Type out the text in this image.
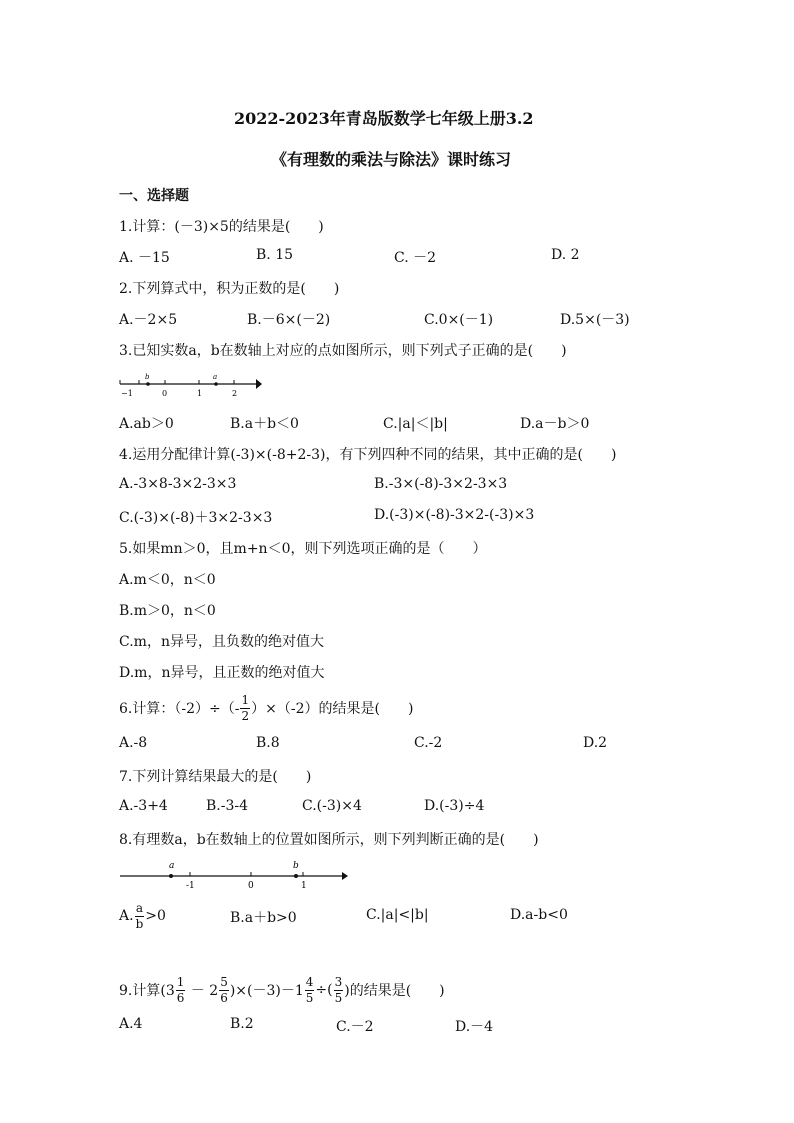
2022-2023年青岛版数学七年级上册3.2
《有理数的乘法与除法》课时练习
一、选择题
1.计算：(－3)×5的结果是(　　)
A. －15	B. 15	C. －2	D. 2
2.下列算式中，积为正数的是(　　)
A.－2×5	B.－6×(－2)	C.0×(－1)	D.5×(－3)
3.已知实数a，b在数轴上对应的点如图所示，则下列式子正确的是(　　)
b	a
−1	0	1	2
A.ab＞0	B.a＋b＜0	C.|a|＜|b|	D.a－b＞0
4.运用分配律计算(-3)×(-8+2-3)，有下列四种不同的结果，其中正确的是(　　)
A.-3×8-3×2-3×3	B.-3×(-8)-3×2-3×3
C.(-3)×(-8)＋3×2-3×3	D.(-3)×(-8)-3×2-(-3)×3
5.如果mn＞0，且m+n＜0，则下列选项正确的是（　　）
A.m＜0，n＜0
B.m＞0，n＜0
C.m，n异号，且负数的绝对值大
D.m，n异号，且正数的绝对值大
6.计算：$(-2)\div(- \frac{1}{2} )\times(-2)$的结果是(　　)
A.-8	B.8	C.-2	D.2
7.下列计算结果最大的是(　　)
A.-3+4	B.-3-4	C.(-3)×4	D.(-3)÷4
8.有理数a，b在数轴上的位置如图所示，则下列判断正确的是(　　)
a	b
-1	0	1
A. $\frac{a}{b} >0$	B.a＋b>0	C.|a|<|b|	D.a-b<0
9.计算$(3 \frac{1}{6} - 2 \frac{5}{6} )\times(-3)-1 \frac{4}{5}$ ÷( $\frac{3}{5}$ )的结果是(　　)
A.4	B.2	C.－2	D.－4
